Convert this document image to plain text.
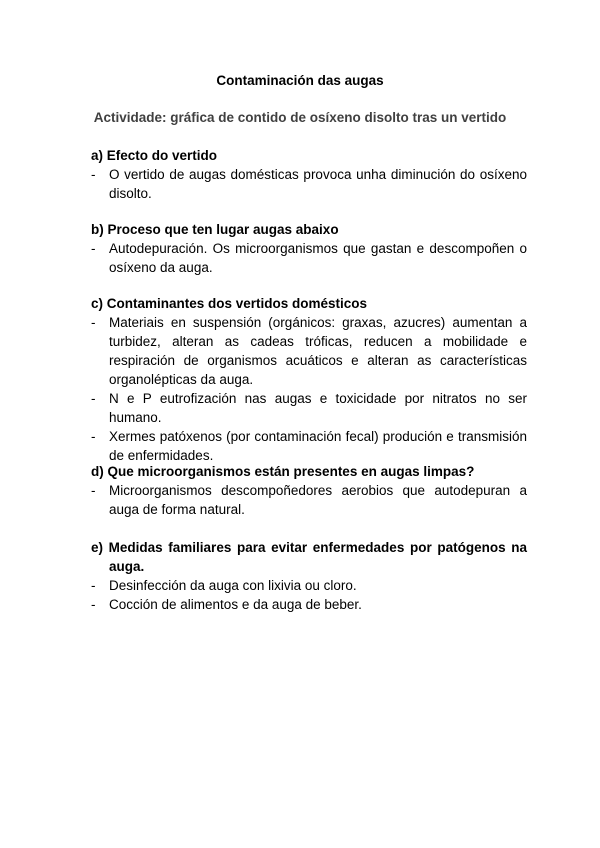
Contaminación das augas
Actividade: gráfica de contido de osíxeno disolto tras un vertido
a) Efecto do vertido
-	O vertido de augas domésticas provoca unha diminución do osíxeno disolto.
b) Proceso que ten lugar augas abaixo
-	Autodepuración. Os microorganismos que gastan e descompoñen o osíxeno da auga.
c) Contaminantes dos vertidos domésticos
-	Materiais en suspensión (orgánicos: graxas, azucres) aumentan a turbidez, alteran as cadeas tróficas, reducen a mobilidade e respiración de organismos acuáticos e alteran as características organolépticas da auga.
-	N e P eutrofización nas augas e toxicidade por nitratos no ser humano.
-	Xermes patóxenos (por contaminación fecal) produción e transmisión de enfermidades.
d) Que microorganismos están presentes en augas limpas?
-	Microorganismos descompoñedores aerobios que autodepuran a auga de forma natural.
e) Medidas familiares para evitar enfermedades por patógenos na auga.
-	Desinfección da auga con lixivia ou cloro.
-	Cocción de alimentos e da auga de beber.
